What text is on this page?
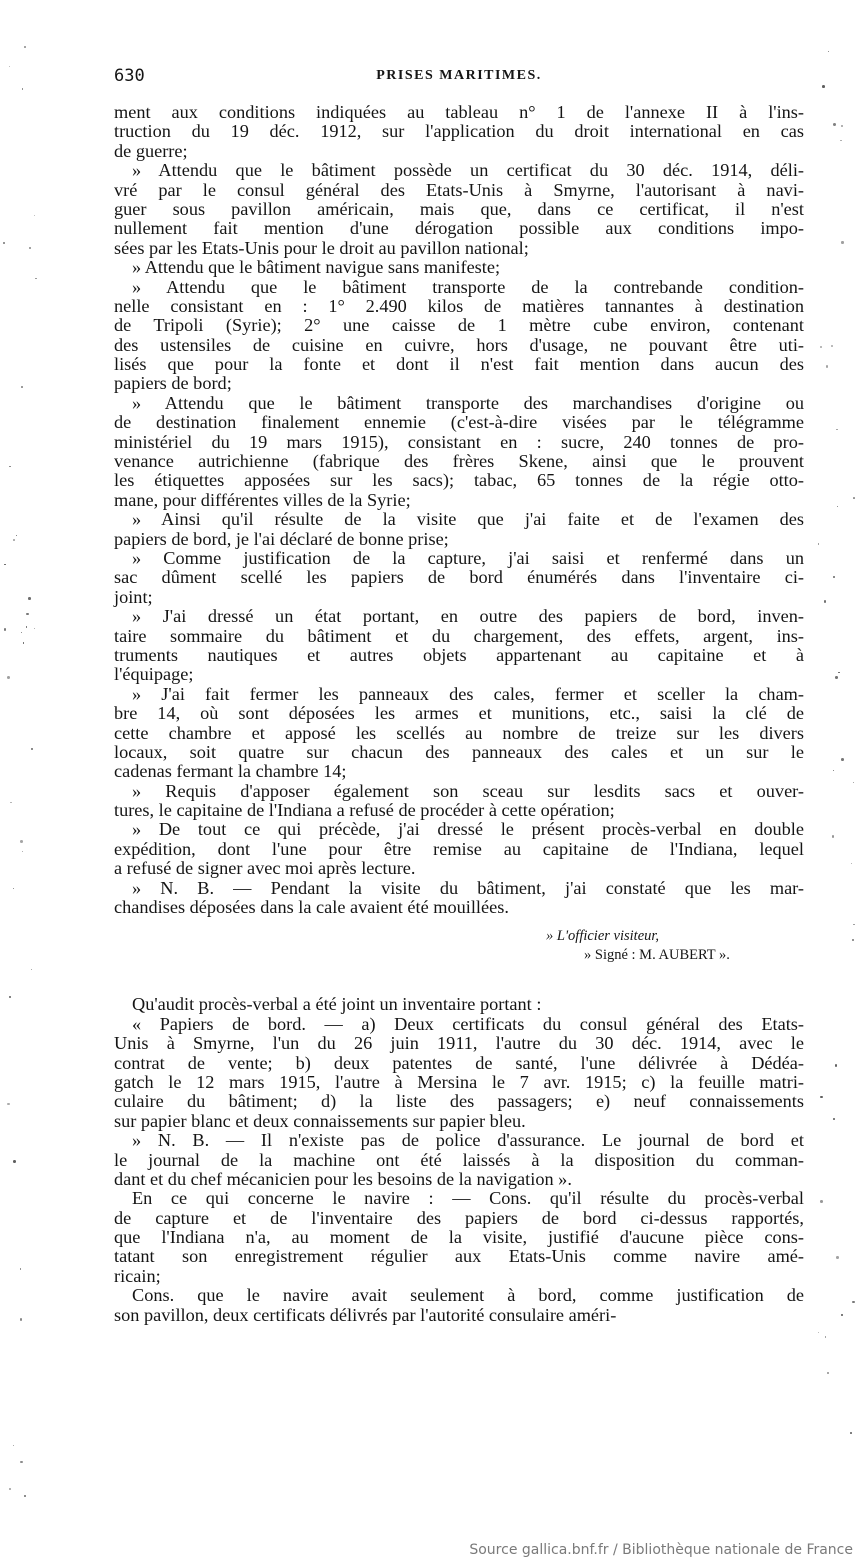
630	PRISES MARITIMES.
ment aux conditions indiquées au tableau n° 1 de l'annexe II à l'ins-
truction du 19 déc. 1912, sur l'application du droit international en cas
de guerre;
» Attendu que le bâtiment possède un certificat du 30 déc. 1914, déli-
vré par le consul général des Etats-Unis à Smyrne, l'autorisant à navi-
guer sous pavillon américain, mais que, dans ce certificat, il n'est
nullement fait mention d'une dérogation possible aux conditions impo-
sées par les Etats-Unis pour le droit au pavillon national;
» Attendu que le bâtiment navigue sans manifeste;
» Attendu que le bâtiment transporte de la contrebande condition-
nelle consistant en : 1° 2.490 kilos de matières tannantes à destination
de Tripoli (Syrie); 2° une caisse de 1 mètre cube environ, contenant
des ustensiles de cuisine en cuivre, hors d'usage, ne pouvant être uti-
lisés que pour la fonte et dont il n'est fait mention dans aucun des
papiers de bord;
» Attendu que le bâtiment transporte des marchandises d'origine ou
de destination finalement ennemie (c'est-à-dire visées par le télégramme
ministériel du 19 mars 1915), consistant en : sucre, 240 tonnes de pro-
venance autrichienne (fabrique des frères Skene, ainsi que le prouvent
les étiquettes apposées sur les sacs); tabac, 65 tonnes de la régie otto-
mane, pour différentes villes de la Syrie;
» Ainsi qu'il résulte de la visite que j'ai faite et de l'examen des
papiers de bord, je l'ai déclaré de bonne prise;
» Comme justification de la capture, j'ai saisi et renfermé dans un
sac dûment scellé les papiers de bord énumérés dans l'inventaire ci-
joint;
» J'ai dressé un état portant, en outre des papiers de bord, inven-
taire sommaire du bâtiment et du chargement, des effets, argent, ins-
truments nautiques et autres objets appartenant au capitaine et à
l'équipage;
» J'ai fait fermer les panneaux des cales, fermer et sceller la cham-
bre 14, où sont déposées les armes et munitions, etc., saisi la clé de
cette chambre et apposé les scellés au nombre de treize sur les divers
locaux, soit quatre sur chacun des panneaux des cales et un sur le
cadenas fermant la chambre 14;
» Requis d'apposer également son sceau sur lesdits sacs et ouver-
tures, le capitaine de l'Indiana a refusé de procéder à cette opération;
» De tout ce qui précède, j'ai dressé le présent procès-verbal en double
expédition, dont l'une pour être remise au capitaine de l'Indiana, lequel
a refusé de signer avec moi après lecture.
» N. B. — Pendant la visite du bâtiment, j'ai constaté que les mar-
chandises déposées dans la cale avaient été mouillées.
» L'officier visiteur,
» Signé : M. AUBERT ».
Qu'audit procès-verbal a été joint un inventaire portant :
« Papiers de bord. — a) Deux certificats du consul général des Etats-
Unis à Smyrne, l'un du 26 juin 1911, l'autre du 30 déc. 1914, avec le
contrat de vente; b) deux patentes de santé, l'une délivrée à Dédéa-
gatch le 12 mars 1915, l'autre à Mersina le 7 avr. 1915; c) la feuille matri-
culaire du bâtiment; d) la liste des passagers; e) neuf connaissements
sur papier blanc et deux connaissements sur papier bleu.
» N. B. — Il n'existe pas de police d'assurance. Le journal de bord et
le journal de la machine ont été laissés à la disposition du comman-
dant et du chef mécanicien pour les besoins de la navigation ».
En ce qui concerne le navire : — Cons. qu'il résulte du procès-verbal
de capture et de l'inventaire des papiers de bord ci-dessus rapportés,
que l'Indiana n'a, au moment de la visite, justifié d'aucune pièce cons-
tatant son enregistrement régulier aux Etats-Unis comme navire amé-
ricain;
Cons. que le navire avait seulement à bord, comme justification de
son pavillon, deux certificats délivrés par l'autorité consulaire améri-
Source gallica.bnf.fr / Bibliothèque nationale de France
